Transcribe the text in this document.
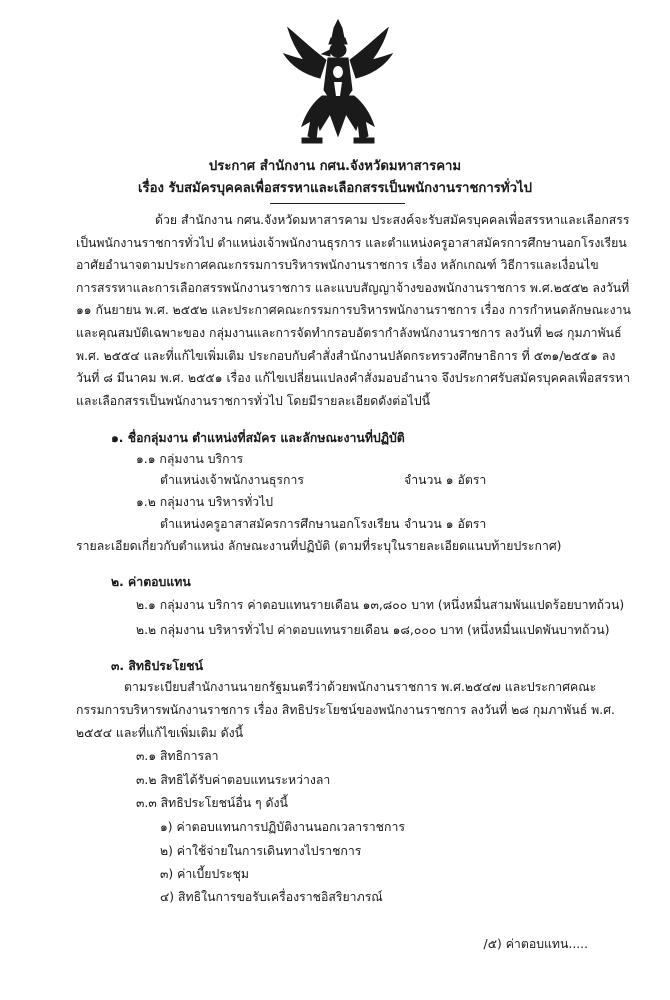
ประกาศ สำนักงาน กศน.จังหวัดมหาสารคาม
เรื่อง รับสมัครบุคคลเพื่อสรรหาและเลือกสรรเป็นพนักงานราชการทั่วไป
ด้วย สำนักงาน กศน.จังหวัดมหาสารคาม ประสงค์จะรับสมัครบุคคลเพื่อสรรหาและเลือกสรร
เป็นพนักงานราชการทั่วไป ตำแหน่งเจ้าพนักงานธุรการ และตำแหน่งครูอาสาสมัครการศึกษานอกโรงเรียน
อาศัยอำนาจตามประกาศคณะกรรมการบริหารพนักงานราชการ เรื่อง หลักเกณฑ์ วิธีการและเงื่อนไข
การสรรหาและการเลือกสรรพนักงานราชการ และแบบสัญญาจ้างของพนักงานราชการ พ.ศ.๒๕๕๒ ลงวันที่
๑๑ กันยายน พ.ศ. ๒๕๕๒ และประกาศคณะกรรมการบริหารพนักงานราชการ เรื่อง การกำหนดลักษณะงาน
และคุณสมบัติเฉพาะของ กลุ่มงานและการจัดทำกรอบอัตรากำลังพนักงานราชการ ลงวันที่ ๒๘ กุมภาพันธ์
พ.ศ. ๒๕๕๔ และที่แก้ไขเพิ่มเติม ประกอบกับคำสั่งสำนักงานปลัดกระทรวงศึกษาธิการ ที่ ๕๓๑/๒๕๕๑ ลง
วันที่ ๘ มีนาคม พ.ศ. ๒๕๕๑ เรื่อง แก้ไขเปลี่ยนแปลงคำสั่งมอบอำนาจ จึงประกาศรับสมัครบุคคลเพื่อสรรหา
และเลือกสรรเป็นพนักงานราชการทั่วไป โดยมีรายละเอียดดังต่อไปนี้
๑. ชื่อกลุ่มงาน ตำแหน่งที่สมัคร และลักษณะงานที่ปฏิบัติ
๑.๑ กลุ่มงาน บริการ
ตำแหน่งเจ้าพนักงานธุรการ	จำนวน ๑ อัตรา
๑.๒ กลุ่มงาน บริหารทั่วไป
ตำแหน่งครูอาสาสมัครการศึกษานอกโรงเรียน จำนวน ๑ อัตรา
รายละเอียดเกี่ยวกับตำแหน่ง ลักษณะงานที่ปฏิบัติ (ตามที่ระบุในรายละเอียดแนบท้ายประกาศ)
๒. ค่าตอบแทน
๒.๑ กลุ่มงาน บริการ ค่าตอบแทนรายเดือน ๑๓,๘๐๐ บาท (หนึ่งหมื่นสามพันแปดร้อยบาทถ้วน)
๒.๒ กลุ่มงาน บริหารทั่วไป ค่าตอบแทนรายเดือน ๑๘,๐๐๐ บาท (หนึ่งหมื่นแปดพันบาทถ้วน)
๓. สิทธิประโยชน์
ตามระเบียบสำนักงานนายกรัฐมนตรีว่าด้วยพนักงานราชการ พ.ศ.๒๕๔๗ และประกาศคณะ
กรรมการบริหารพนักงานราชการ เรื่อง สิทธิประโยชน์ของพนักงานราชการ ลงวันที่ ๒๘ กุมภาพันธ์ พ.ศ.
๒๕๕๔ และที่แก้ไขเพิ่มเติม ดังนี้
๓.๑ สิทธิการลา
๓.๒ สิทธิได้รับค่าตอบแทนระหว่างลา
๓.๓ สิทธิประโยชน์อื่น ๆ ดังนี้
๑) ค่าตอบแทนการปฏิบัติงานนอกเวลาราชการ
๒) ค่าใช้จ่ายในการเดินทางไปราชการ
๓) ค่าเบี้ยประชุม
๔) สิทธิในการขอรับเครื่องราชอิสริยาภรณ์
/๕) ค่าตอบแทน.....
